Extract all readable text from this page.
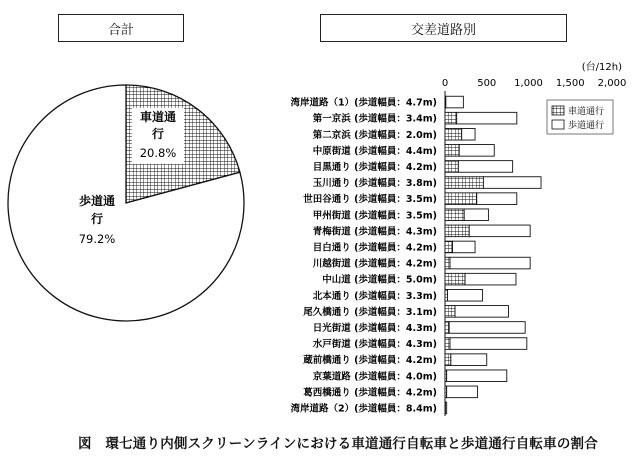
合計	交差道路別
車道通
行
20.8%
歩道通
行
79.2%
(台/12h)
0	500 1,000 1,500 2,000
湾岸道路（1）(歩道幅員：4.7m)
第一京浜 (歩道幅員：3.4m)
第二京浜 (歩道幅員：2.0m)
中原街道 (歩道幅員：4.4m)
目黒通り (歩道幅員：4.2m)
玉川通り (歩道幅員：3.8m)
世田谷通り (歩道幅員：3.5m)
甲州街道 (歩道幅員：3.5m)
青梅街道 (歩道幅員：4.3m)
目白通り (歩道幅員：4.2m)
川越街道 (歩道幅員：4.2m)
中山道 (歩道幅員：5.0m)
北本通り (歩道幅員：3.3m)
尾久橋通り (歩道幅員：3.1m)
日光街道 (歩道幅員：4.3m)
水戸街道 (歩道幅員：4.3m)
蔵前橋通り (歩道幅員：4.2m)
京葉道路 (歩道幅員：4.0m)
葛西橋通り (歩道幅員：4.2m)
湾岸道路（2）(歩道幅員：8.4m)
車道通行
歩道通行
図　環七通り内側スクリーンラインにおける車道通行自転車と歩道通行自転車の割合
